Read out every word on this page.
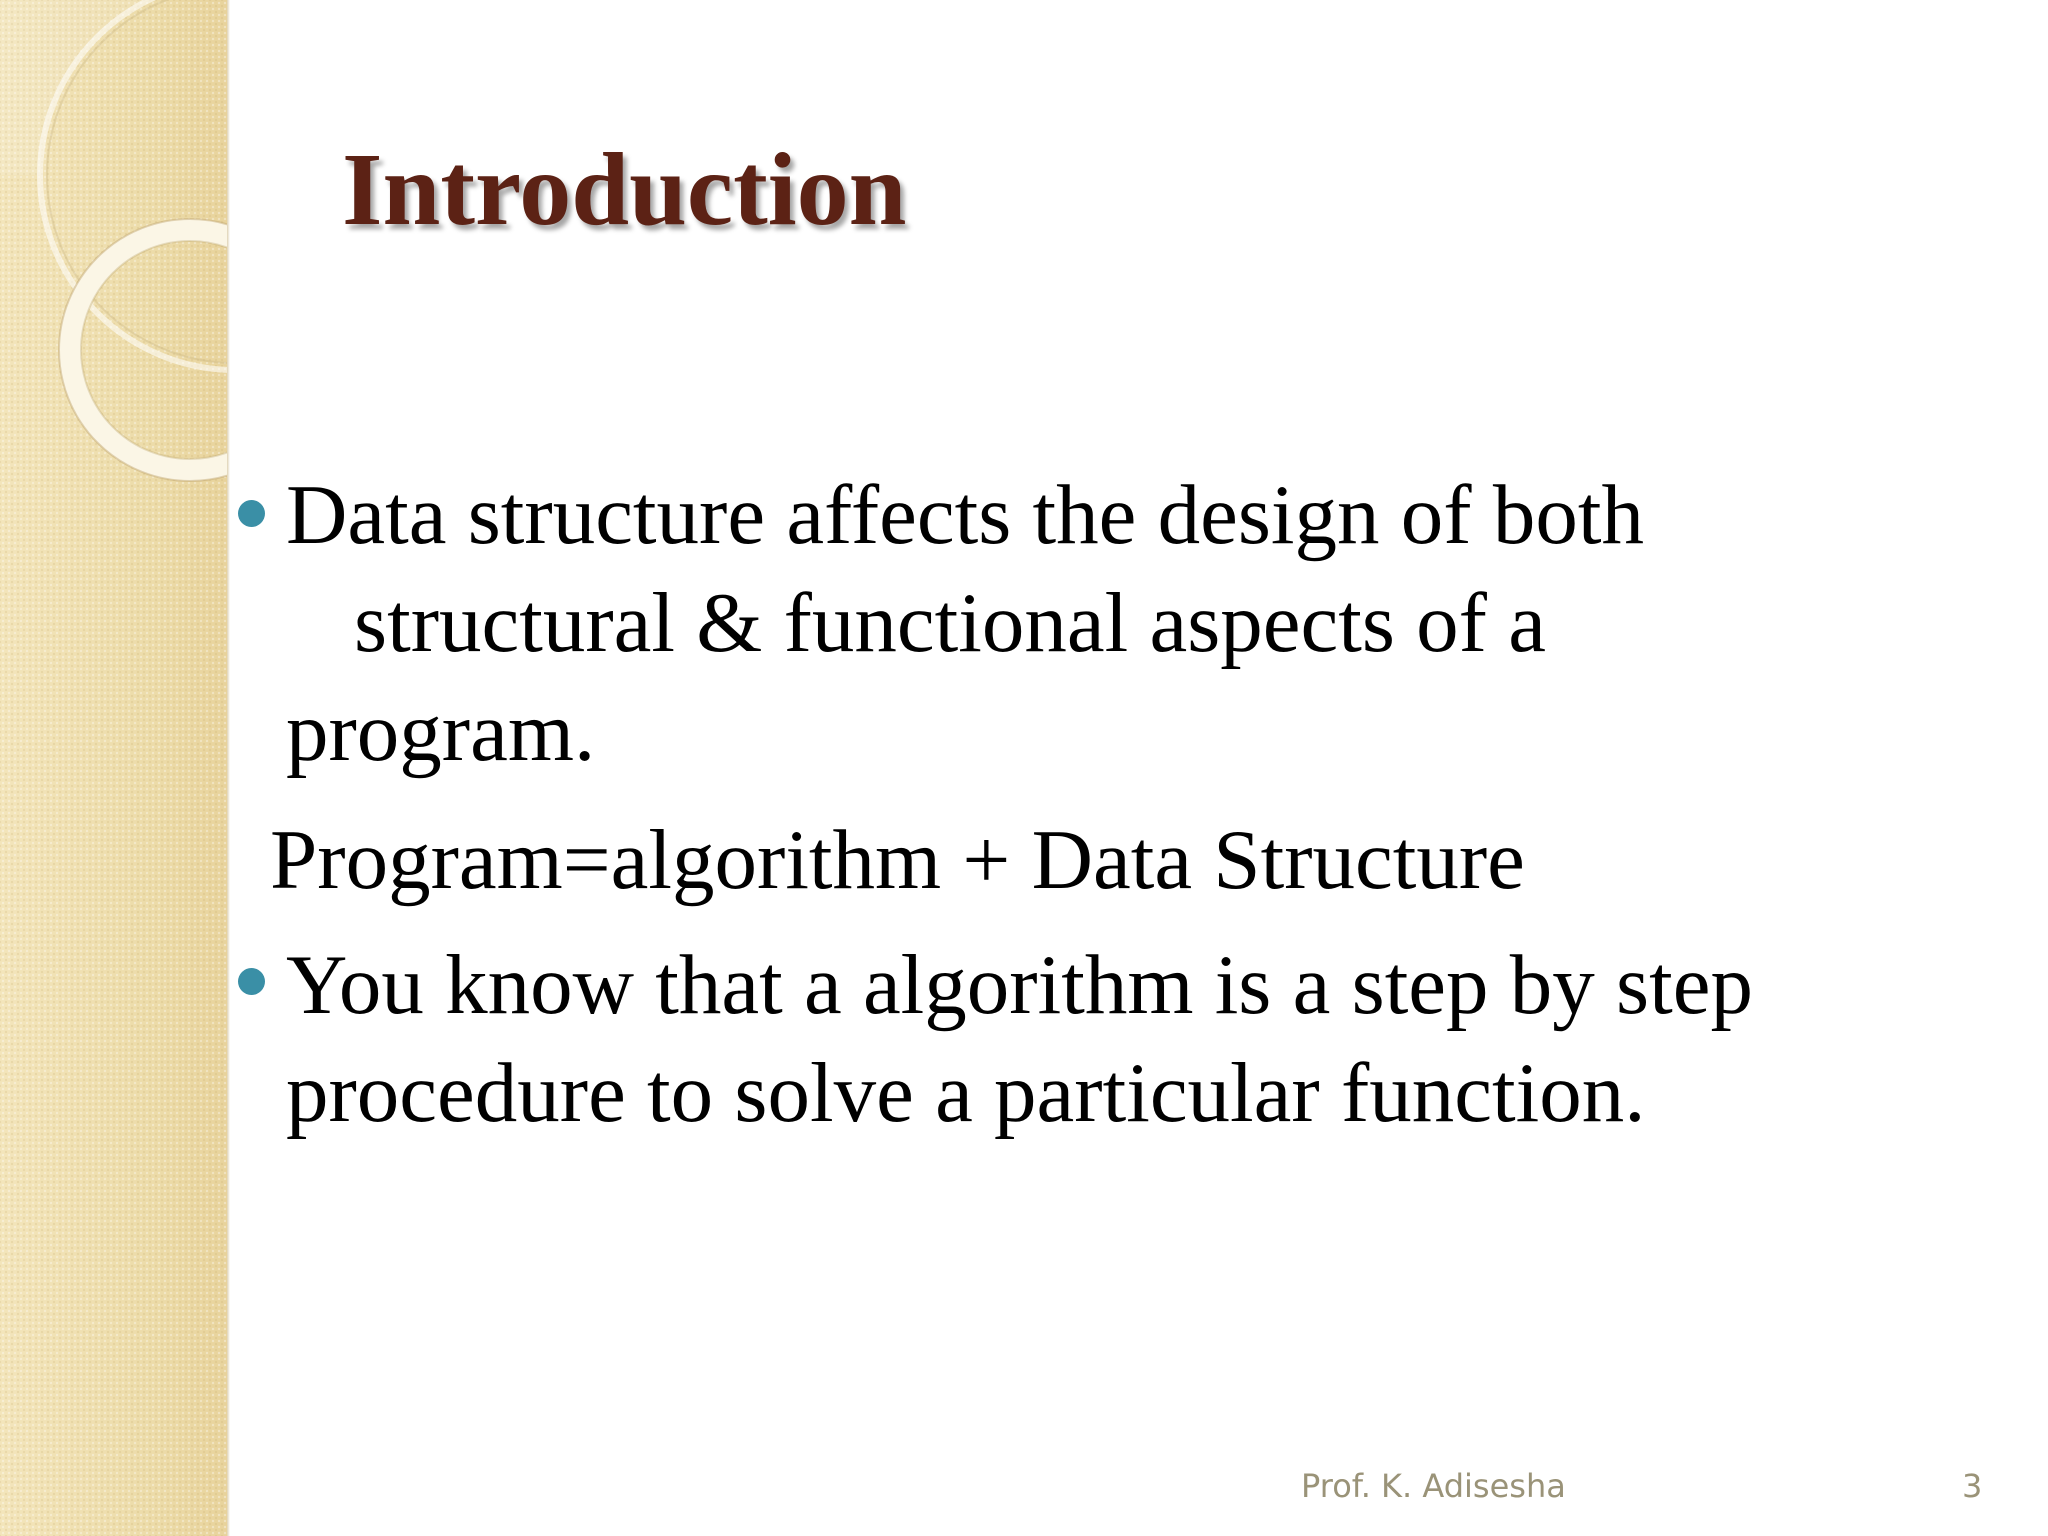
Introduction
Data structure affects the design of both
structural & functional aspects of a
program.
Program=algorithm + Data Structure
You know that a algorithm is a step by step
procedure to solve a particular function.
Prof. K. Adisesha	3
